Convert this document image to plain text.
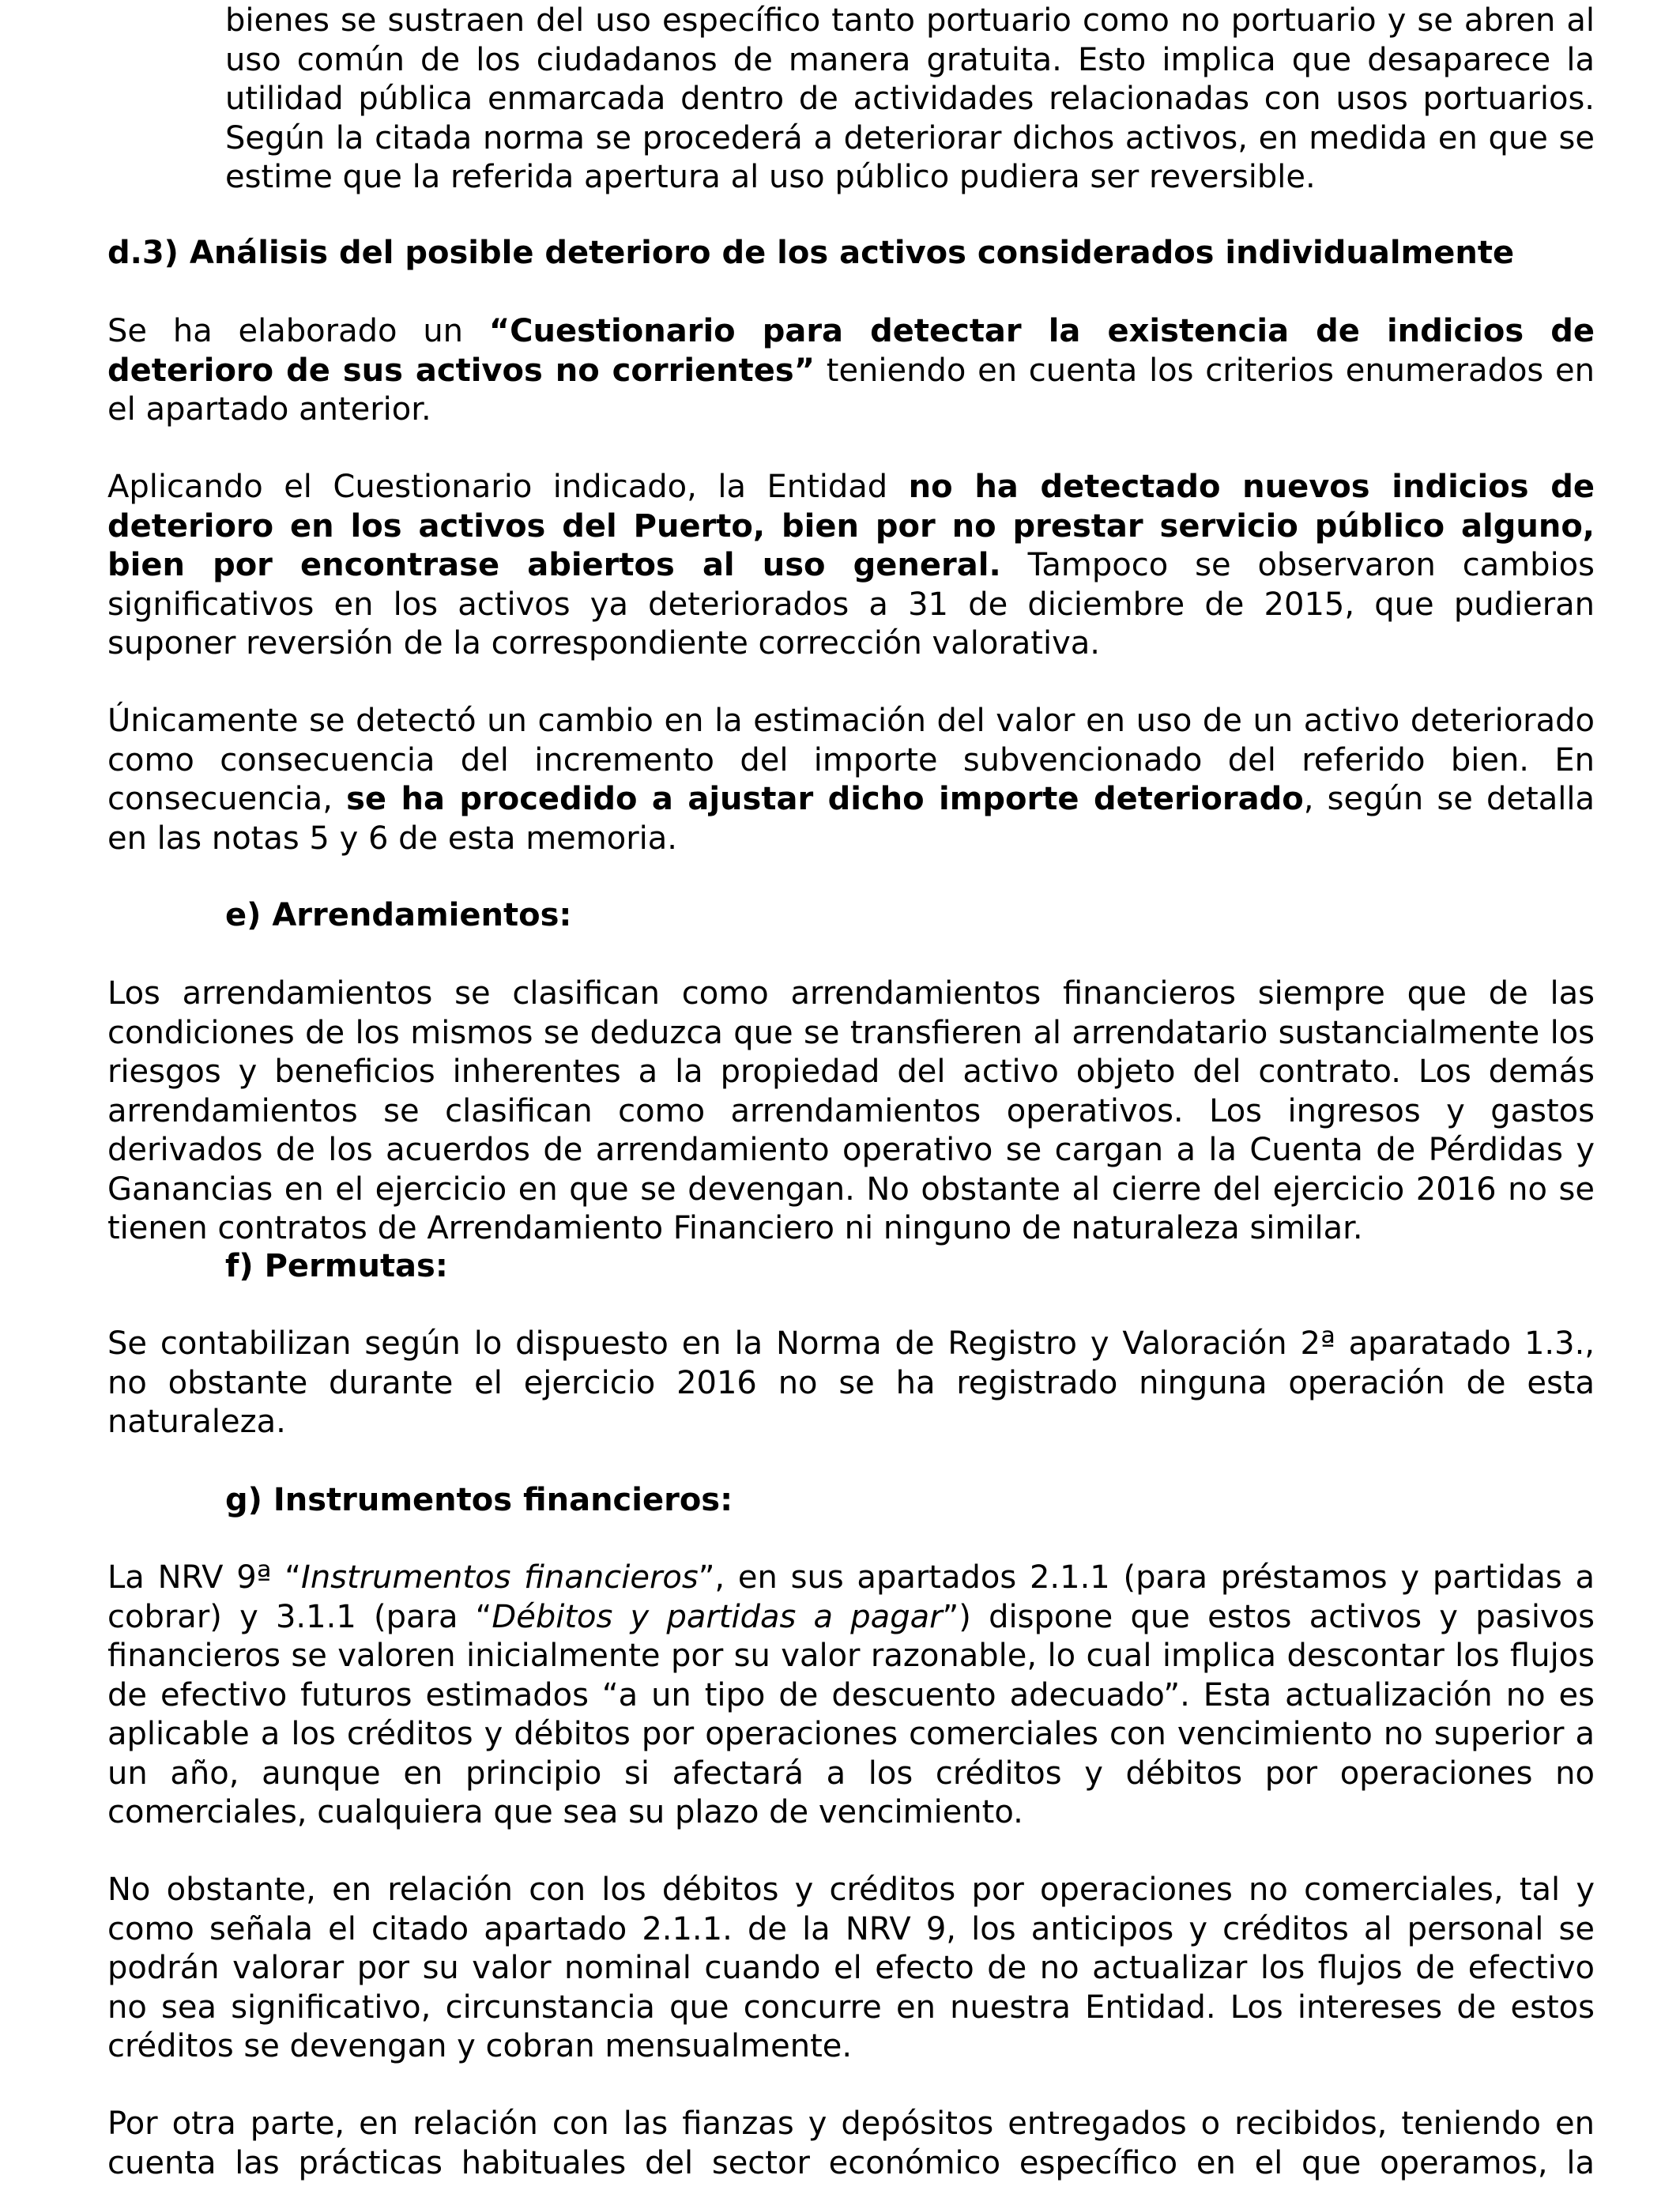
bienes se sustraen del uso específico tanto portuario como no portuario y se abren al uso común de los ciudadanos de manera gratuita. Esto implica que desaparece la utilidad pública enmarcada dentro de actividades relacionadas con usos portuarios. Según la citada norma se procederá a deteriorar dichos activos, en medida en que se estime que la referida apertura al uso público pudiera ser reversible.

d.3) Análisis del posible deterioro de los activos considerados individualmente

Se ha elaborado un “Cuestionario para detectar la existencia de indicios de deterioro de sus activos no corrientes” teniendo en cuenta los criterios enumerados en el apartado anterior.

Aplicando el Cuestionario indicado, la Entidad no ha detectado nuevos indicios de deterioro en los activos del Puerto, bien por no prestar servicio público alguno, bien por encontrase abiertos al uso general. Tampoco se observaron cambios significativos en los activos ya deteriorados a 31 de diciembre de 2015, que pudieran suponer reversión de la correspondiente corrección valorativa.

Únicamente se detectó un cambio en la estimación del valor en uso de un activo deteriorado como consecuencia del incremento del importe subvencionado del referido bien. En consecuencia, se ha procedido a ajustar dicho importe deteriorado, según se detalla en las notas 5 y 6 de esta memoria.

e) Arrendamientos:

Los arrendamientos se clasifican como arrendamientos financieros siempre que de las condiciones de los mismos se deduzca que se transfieren al arrendatario sustancialmente los riesgos y beneficios inherentes a la propiedad del activo objeto del contrato. Los demás arrendamientos se clasifican como arrendamientos operativos. Los ingresos y gastos derivados de los acuerdos de arrendamiento operativo se cargan a la Cuenta de Pérdidas y Ganancias en el ejercicio en que se devengan. No obstante al cierre del ejercicio 2016 no se tienen contratos de Arrendamiento Financiero ni ninguno de naturaleza similar.

f) Permutas:

Se contabilizan según lo dispuesto en la Norma de Registro y Valoración 2ª aparatado 1.3., no obstante durante el ejercicio 2016 no se ha registrado ninguna operación de esta naturaleza.

g) Instrumentos financieros:

La NRV 9ª “Instrumentos financieros”, en sus apartados 2.1.1 (para préstamos y partidas a cobrar) y 3.1.1 (para “Débitos y partidas a pagar”) dispone que estos activos y pasivos financieros se valoren inicialmente por su valor razonable, lo cual implica descontar los flujos de efectivo futuros estimados “a un tipo de descuento adecuado”. Esta actualización no es aplicable a los créditos y débitos por operaciones comerciales con vencimiento no superior a un año, aunque en principio si afectará a los créditos y débitos por operaciones no comerciales, cualquiera que sea su plazo de vencimiento.

No obstante, en relación con los débitos y créditos por operaciones no comerciales, tal y como señala el citado apartado 2.1.1. de la NRV 9, los anticipos y créditos al personal se podrán valorar por su valor nominal cuando el efecto de no actualizar los flujos de efectivo no sea significativo, circunstancia que concurre en nuestra Entidad. Los intereses de estos créditos se devengan y cobran mensualmente.

Por otra parte, en relación con las fianzas y depósitos entregados o recibidos, teniendo en cuenta las prácticas habituales del sector económico específico en el que operamos, la
